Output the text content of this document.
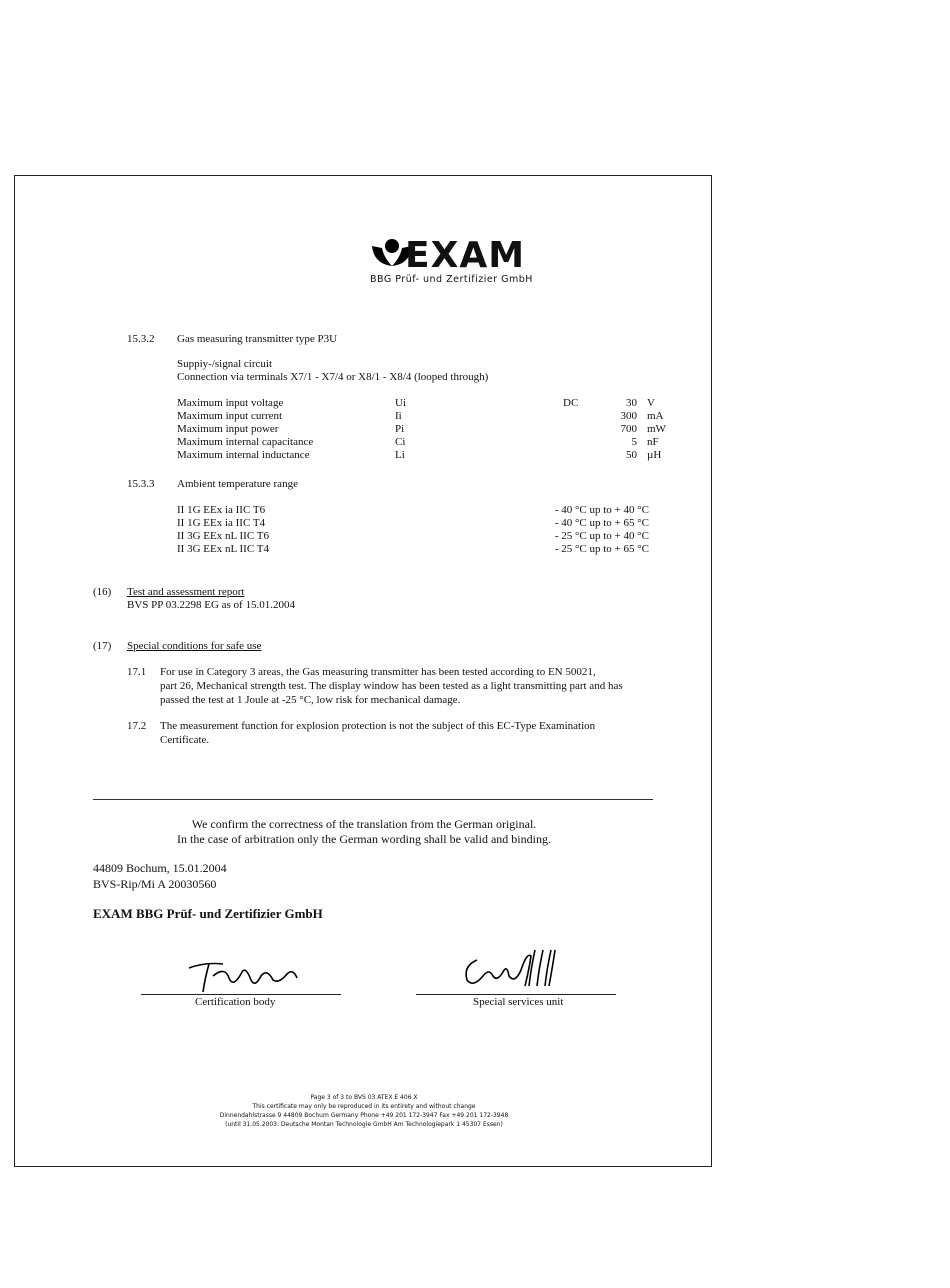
EXAM
BBG Prüf- und Zertifizier GmbH
15.3.2 Gas measuring transmitter type P3U
Suppiy-/signal circuit
Connection via terminals X7/1 - X7/4 or X8/1 - X8/4 (looped through)
Maximum input voltage	Ui	DC	30 V
Maximum input current	Ii	300 mA
Maximum input power	Pi	700 mW
Maximum internal capacitance	Ci	5 nF
Maximum internal inductance	Li	50 µH
15.3.3 Ambient temperature range
II 1G EEx ia IIC T6	- 40 °C up to + 40 °C
II 1G EEx ia IIC T4	- 40 °C up to + 65 °C
II 3G EEx nL IIC T6	- 25 °C up to + 40 °C
II 3G EEx nL IIC T4	- 25 °C up to + 65 °C
(16) Test and assessment report
BVS PP 03.2298 EG as of 15.01.2004
(17) Special conditions for safe use
17.1 For use in Category 3 areas, the Gas measuring transmitter has been tested according to EN 50021,
part 26, Mechanical strength test. The display window has been tested as a light transmitting part and has
passed the test at 1 Joule at -25 °C, low risk for mechanical damage.
17.2 The measurement function for explosion protection is not the subject of this EC-Type Examination
Certificate.
We confirm the correctness of the translation from the German original.
In the case of arbitration only the German wording shall be valid and binding.
44809 Bochum, 15.01.2004
BVS-Rip/Mi A 20030560
EXAM BBG Prüf- und Zertifizier GmbH
Certification body	Special services unit
Page 3 of 3 to BVS 03 ATEX E 406 X
This certificate may only be reproduced in its entirety and without change
Dinnendahlstrasse 9 44809 Bochum Germany Phone +49 201 172-3947 Fax +49 201 172-3948
(until 31.05.2003: Deutsche Montan Technologie GmbH Am Technologiepark 1 45307 Essen)
